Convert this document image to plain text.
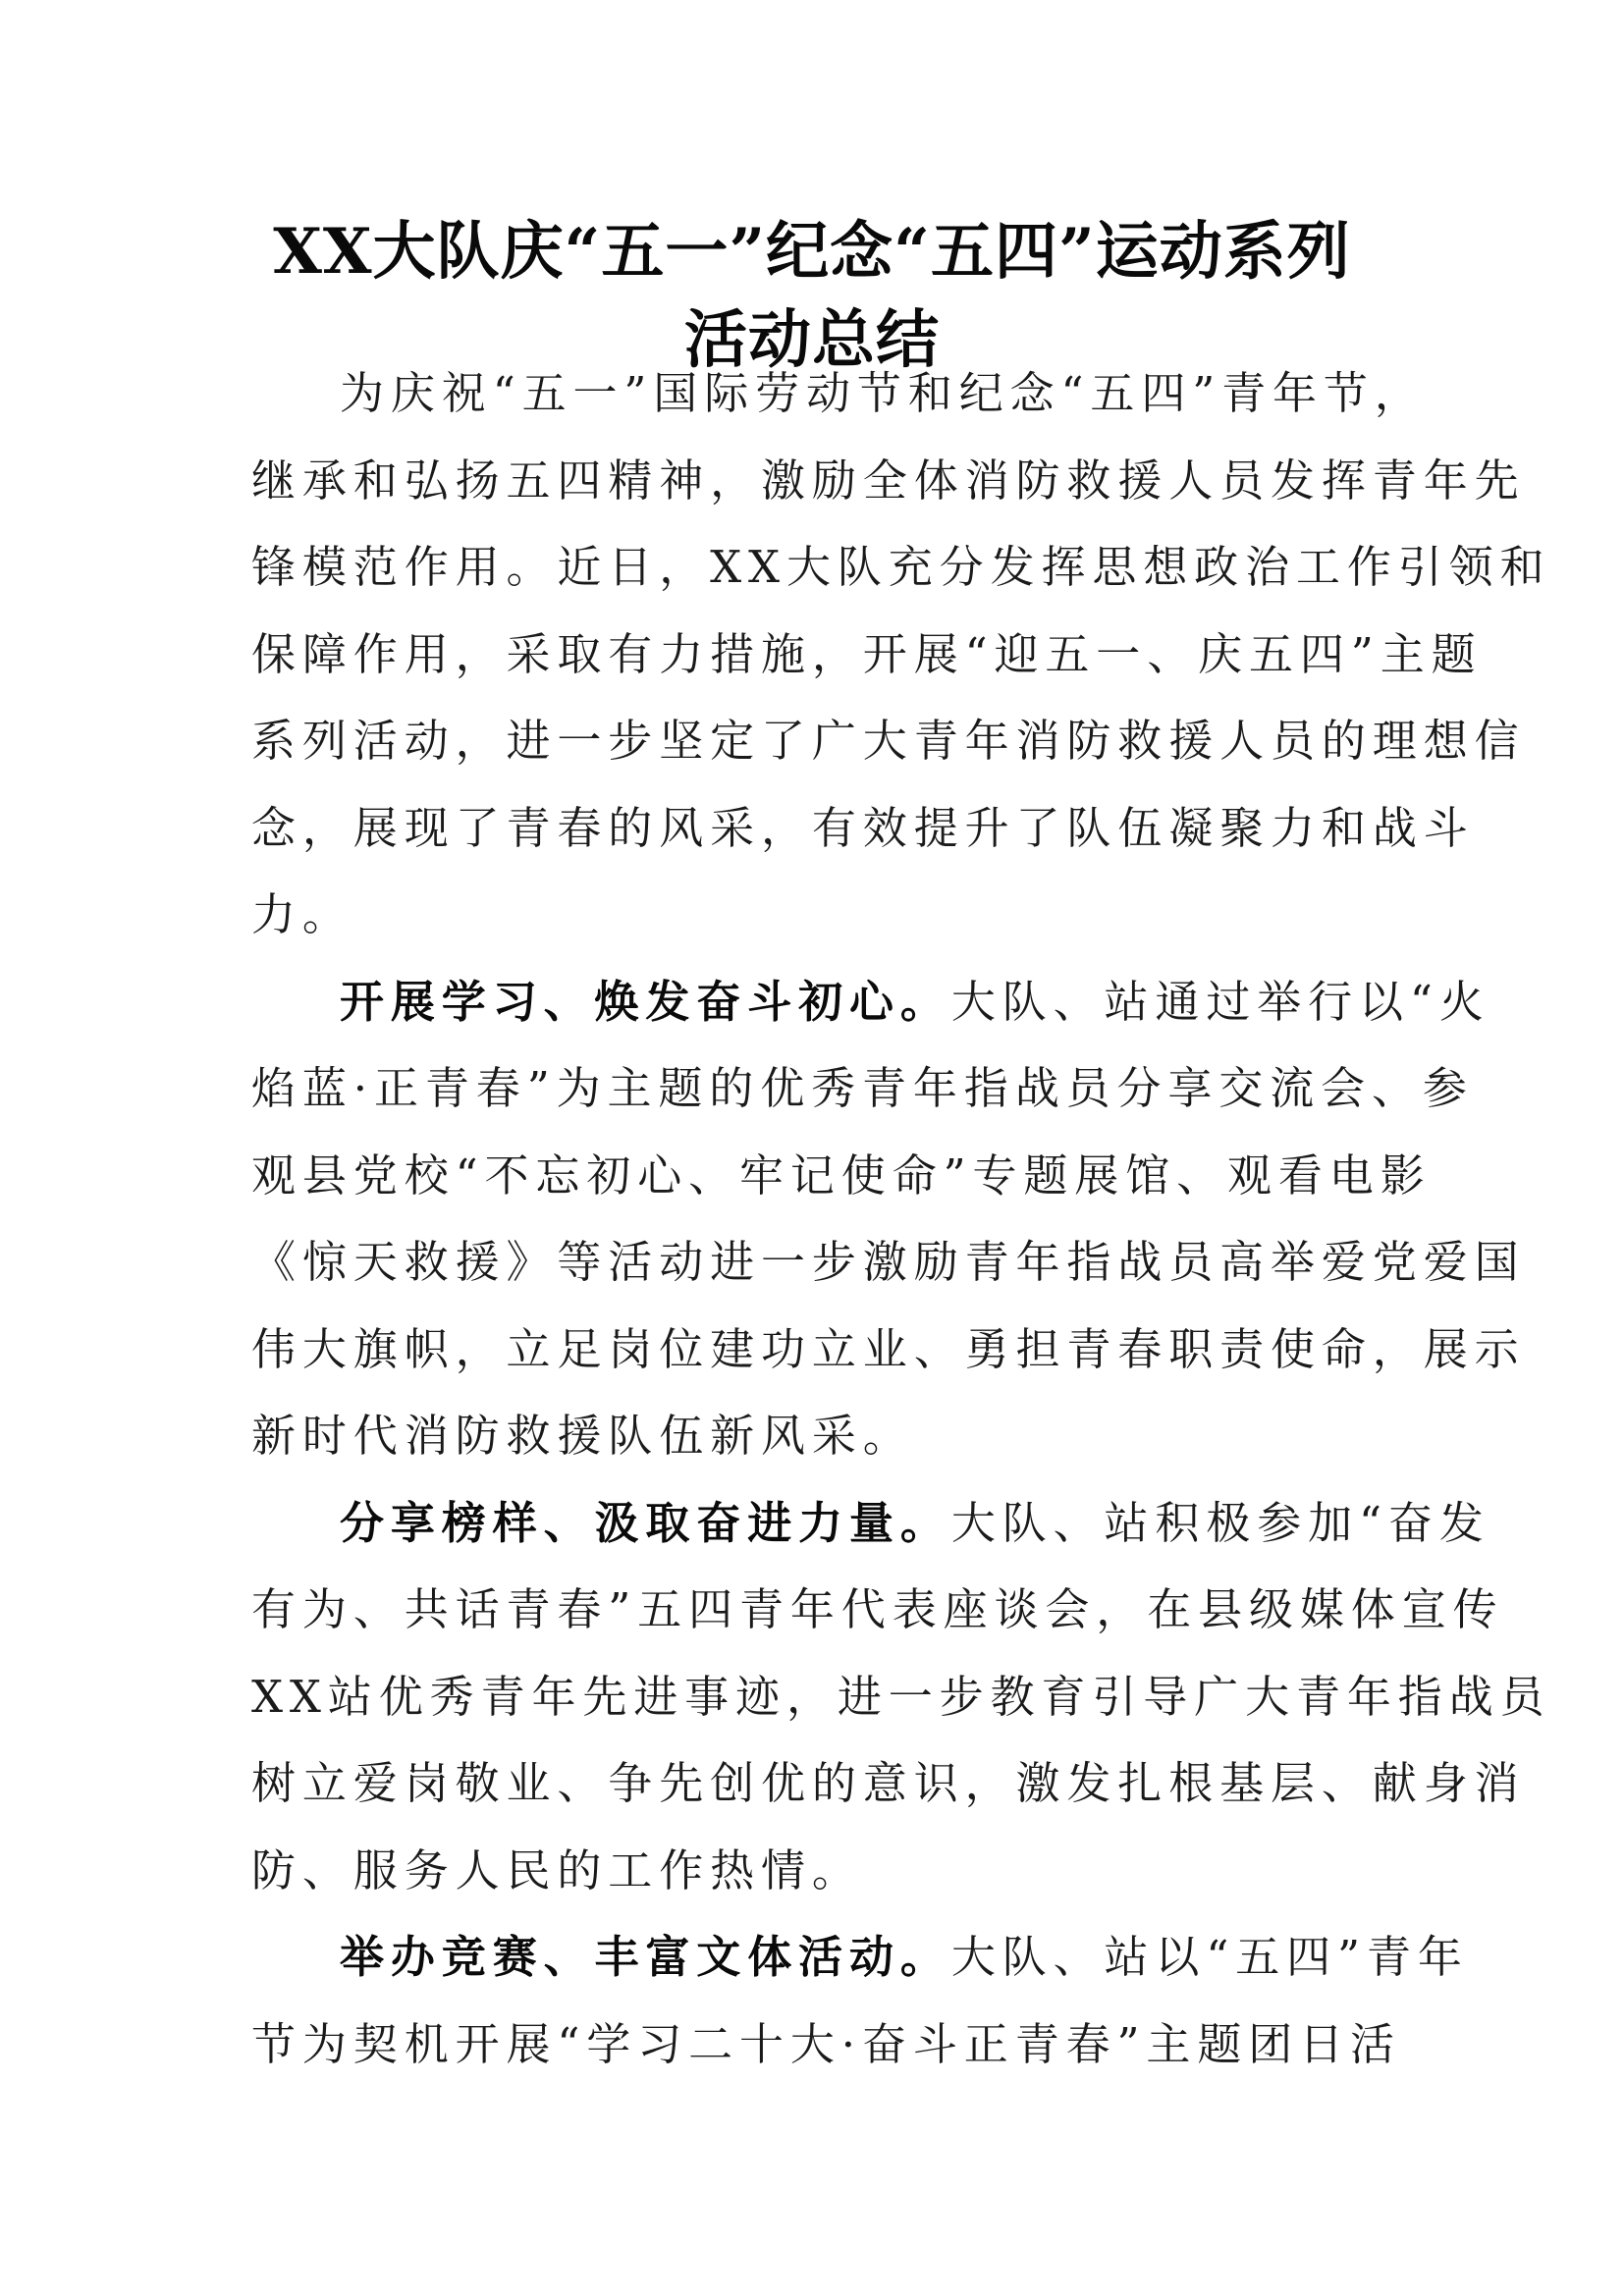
XX大队庆“五一”纪念“五四”运动系列
活动总结
为庆祝“五一”国际劳动节和纪念“五四”青年节，
继承和弘扬五四精神，激励全体消防救援人员发挥青年先
锋模范作用。近日，XX大队充分发挥思想政治工作引领和
保障作用，采取有力措施，开展“迎五一、庆五四”主题
系列活动，进一步坚定了广大青年消防救援人员的理想信
念，展现了青春的风采，有效提升了队伍凝聚力和战斗
力。
开展学习、焕发奋斗初心。大队、站通过举行以“火
焰蓝·正青春”为主题的优秀青年指战员分享交流会、参
观县党校“不忘初心、牢记使命”专题展馆、观看电影
《惊天救援》等活动进一步激励青年指战员高举爱党爱国
伟大旗帜，立足岗位建功立业、勇担青春职责使命，展示
新时代消防救援队伍新风采。
分享榜样、汲取奋进力量。大队、站积极参加“奋发
有为、共话青春”五四青年代表座谈会，在县级媒体宣传
XX站优秀青年先进事迹，进一步教育引导广大青年指战员
树立爱岗敬业、争先创优的意识，激发扎根基层、献身消
防、服务人民的工作热情。
举办竞赛、丰富文体活动。大队、站以“五四”青年
节为契机开展“学习二十大·奋斗正青春”主题团日活
